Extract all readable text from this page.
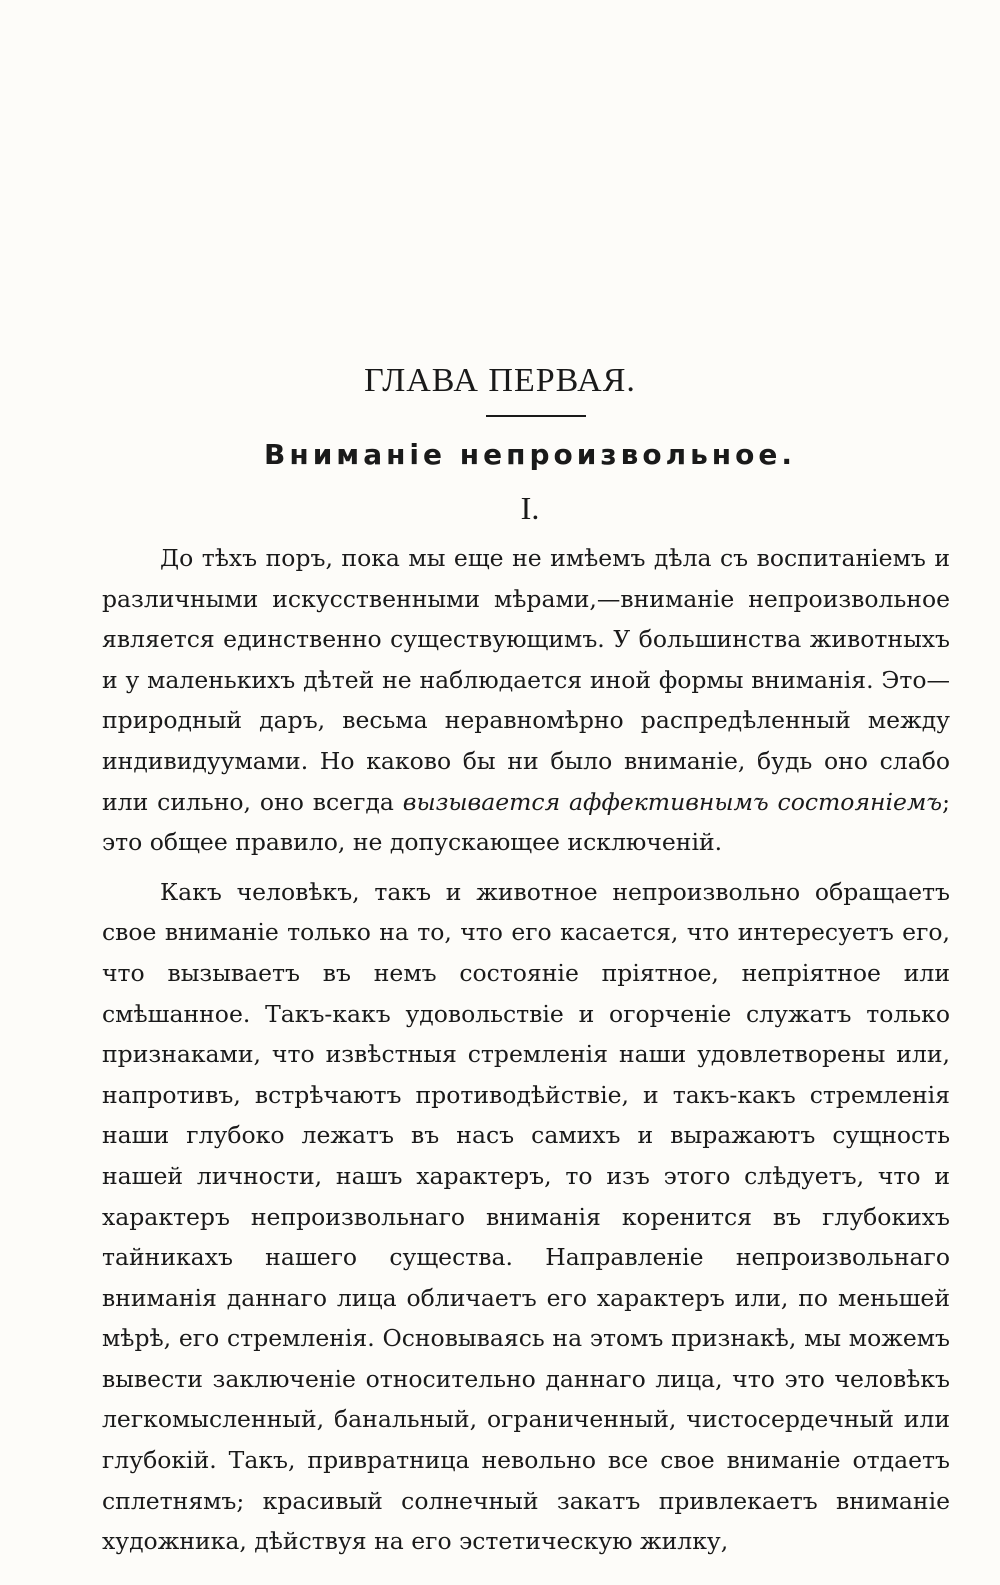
ГЛАВА ПЕРВАЯ.
Вниманіе непроизвольное.
I.

До тѣхъ поръ, пока мы еще не имѣемъ дѣла съ воспитаніемъ и различными искусственными мѣрами,—вниманіе непроизвольное является единственно существующимъ. У большинства животныхъ и у маленькихъ дѣтей не наблюдается иной формы вниманія. Это—природный даръ, весьма неравномѣрно распредѣленный между индивидуумами. Но каково бы ни было вниманіе, будь оно слабо или сильно, оно всегда вызывается аффективнымъ состояніемъ; это общее правило, не допускающее исключеній.

Какъ человѣкъ, такъ и животное непроизвольно обращаетъ свое вниманіе только на то, что его касается, что интересуетъ его, что вызываетъ въ немъ состояніе пріятное, непріятное или смѣшанное. Такъ-какъ удовольствіе и огорченіе служатъ только признаками, что извѣстныя стремленія наши удовлетворены или, напротивъ, встрѣчаютъ противодѣйствіе, и такъ-какъ стремленія наши глубоко лежатъ въ насъ самихъ и выражаютъ сущность нашей личности, нашъ характеръ, то изъ этого слѣдуетъ, что и характеръ непроизвольнаго вниманія коренится въ глубокихъ тайникахъ нашего существа. Направленіе непроизвольнаго вниманія даннаго лица обличаетъ его характеръ или, по меньшей мѣрѣ, его стремленія. Основываясь на этомъ признакѣ, мы можемъ вывести заключеніе относительно даннаго лица, что это человѣкъ легкомысленный, банальный, ограниченный, чистосердечный или глубокій. Такъ, привратница невольно все свое вниманіе отдаетъ сплетнямъ; красивый солнечный закатъ привлекаетъ вниманіе художника, дѣйствуя на его эстетическую жилку,
